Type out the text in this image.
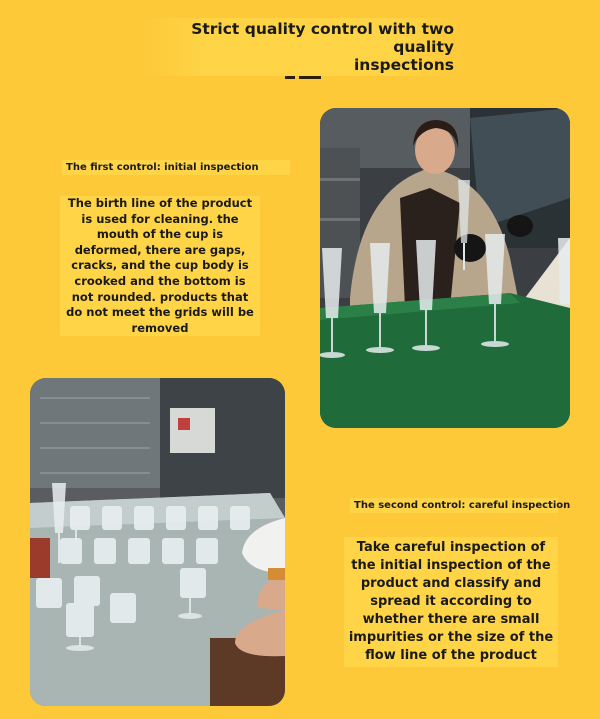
Strict quality control with two quality
inspections
The first control: initial inspection

The birth line of the product is used for cleaning. the mouth of the cup is deformed, there are gaps, cracks, and the cup body is crooked and the bottom is not rounded. products that do not meet the grids will be removed

The second control: careful inspection

Take careful inspection of the initial inspection of the product and classify and spread it according to whether there are small impurities or the size of the flow line of the product
